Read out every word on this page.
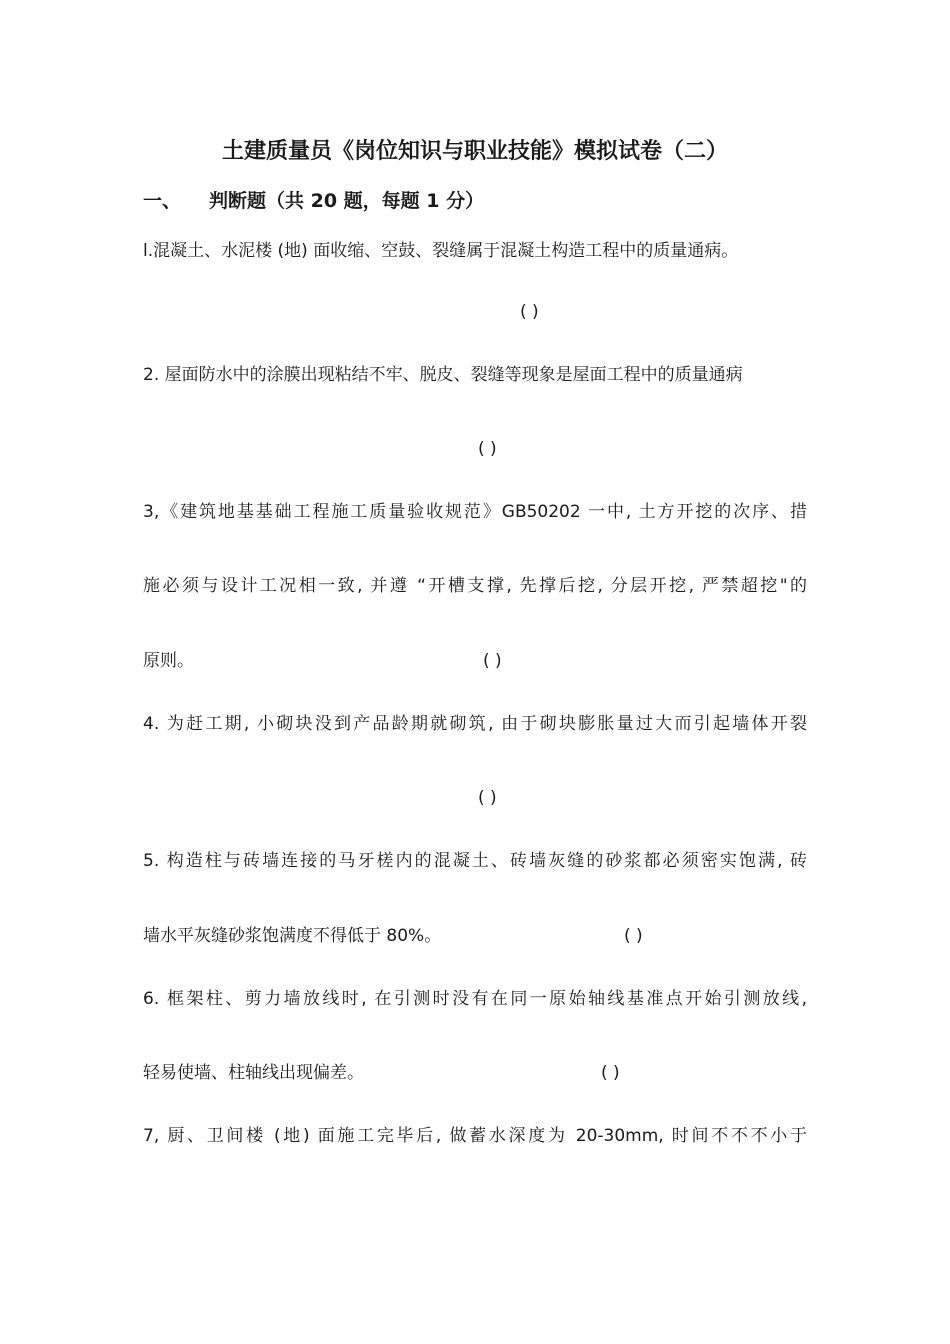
土建质量员《岗位知识与职业技能》模拟试卷（二）
一、 判断题（共 20 题，每题 1 分）
l.混凝土、水泥楼 (地) 面收缩、空鼓、裂缝属于混凝土构造工程中的质量通病。
( )
2. 屋面防水中的涂膜出现粘结不牢、脱皮、裂缝等现象是屋面工程中的质量通病
( )
3,《建筑地基基础工程施工质量验收规范》GB50202 一中, 土方开挖的次序、措
施必须与设计工况相一致, 并遵 “开槽支撑, 先撑后挖, 分层开挖, 严禁超挖"的
原则。	( )
4. 为赶工期, 小砌块没到产品龄期就砌筑, 由于砌块膨胀量过大而引起墙体开裂
( )
5. 构造柱与砖墙连接的马牙槎内的混凝土、砖墙灰缝的砂浆都必须密实饱满, 砖
墙水平灰缝砂浆饱满度不得低于 80%。	( )
6. 框架柱、剪力墙放线时, 在引测时没有在同一原始轴线基准点开始引测放线,
轻易使墙、柱轴线出现偏差。	( )
7, 厨、卫间楼 (地) 面施工完毕后, 做蓄水深度为 20-30mm, 时间不不不小于
